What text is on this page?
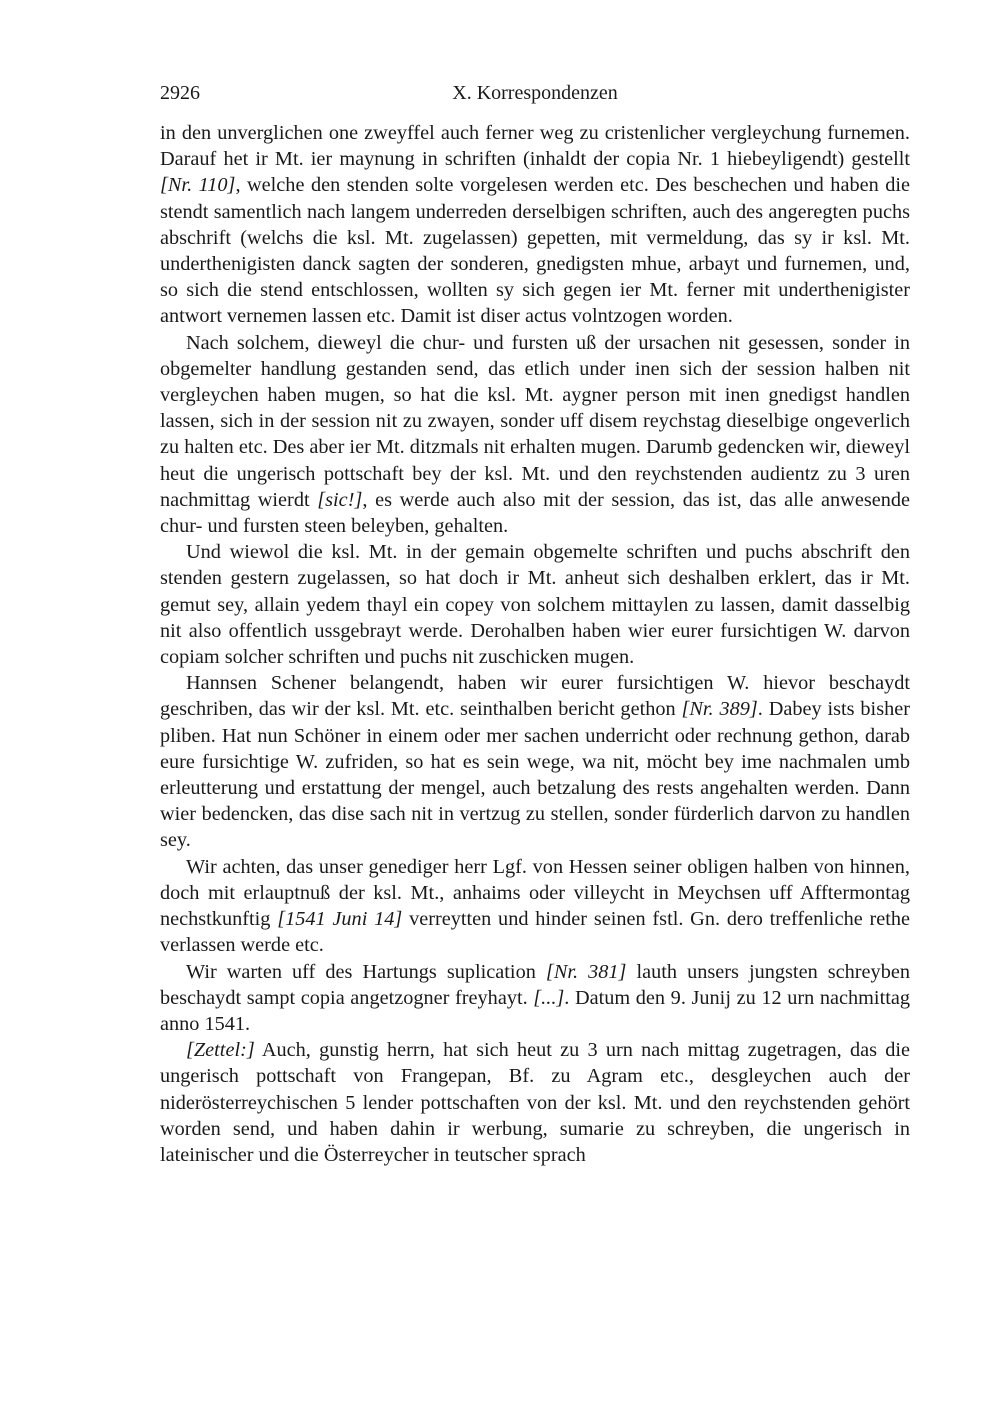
2926	X. Korrespondenzen

in den unverglichen one zweyffel auch ferner weg zu cristenlicher vergleychung furnemen. Darauf het ir Mt. ier maynung in schriften (inhaldt der copia Nr. 1 hiebeyligendt) gestellt [Nr. 110], welche den stenden solte vorgelesen werden etc. Des beschechen und haben die stendt samentlich nach langem underreden derselbigen schriften, auch des angeregten puchs abschrift (welchs die ksl. Mt. zugelassen) gepetten, mit vermeldung, das sy ir ksl. Mt. underthenigisten danck sagten der sonderen, gnedigsten mhue, arbayt und furnemen, und, so sich die stend entschlossen, wollten sy sich gegen ier Mt. ferner mit underthenigister antwort vernemen lassen etc. Damit ist diser actus volntzogen worden.

Nach solchem, dieweyl die chur- und fursten uß der ursachen nit gesessen, sonder in obgemelter handlung gestanden send, das etlich under inen sich der session halben nit vergleychen haben mugen, so hat die ksl. Mt. aygner person mit inen gnedigst handlen lassen, sich in der session nit zu zwayen, sonder uff disem reychstag dieselbige ongeverlich zu halten etc. Des aber ier Mt. ditzmals nit erhalten mugen. Darumb gedencken wir, dieweyl heut die ungerisch pottschaft bey der ksl. Mt. und den reychstenden audientz zu 3 uren nachmittag wierdt [sic!], es werde auch also mit der session, das ist, das alle anwesende chur- und fursten steen beleyben, gehalten.

Und wiewol die ksl. Mt. in der gemain obgemelte schriften und puchs abschrift den stenden gestern zugelassen, so hat doch ir Mt. anheut sich deshalben erklert, das ir Mt. gemut sey, allain yedem thayl ein copey von solchem mittaylen zu lassen, damit dasselbig nit also offentlich ussgebrayt werde. Derohalben haben wier eurer fursichtigen W. darvon copiam solcher schriften und puchs nit zuschicken mugen.

Hannsen Schener belangendt, haben wir eurer fursichtigen W. hievor beschaydt geschriben, das wir der ksl. Mt. etc. seinthalben bericht gethon [Nr. 389]. Dabey ists bisher pliben. Hat nun Schöner in einem oder mer sachen underricht oder rechnung gethon, darab eure fursichtige W. zufriden, so hat es sein wege, wa nit, möcht bey ime nachmalen umb erleutterung und erstattung der mengel, auch betzalung des rests angehalten werden. Dann wier bedencken, das dise sach nit in vertzug zu stellen, sonder fürderlich darvon zu handlen sey.

Wir achten, das unser genediger herr Lgf. von Hessen seiner obligen halben von hinnen, doch mit erlauptnuß der ksl. Mt., anhaims oder villeycht in Meychsen uff Afftermontag nechstkunftig [1541 Juni 14] verreytten und hinder seinen fstl. Gn. dero treffenliche rethe verlassen werde etc.

Wir warten uff des Hartungs suplication [Nr. 381] lauth unsers jungsten schreyben beschaydt sampt copia angetzogner freyhayt. [...]. Datum den 9. Junij zu 12 urn nachmittag anno 1541.

[Zettel:] Auch, gunstig herrn, hat sich heut zu 3 urn nach mittag zugetragen, das die ungerisch pottschaft von Frangepan, Bf. zu Agram etc., desgleychen auch der niderösterreychischen 5 lender pottschaften von der ksl. Mt. und den reychstenden gehört worden send, und haben dahin ir werbung, sumarie zu schreyben, die ungerisch in lateinischer und die Österreycher in teutscher sprach
